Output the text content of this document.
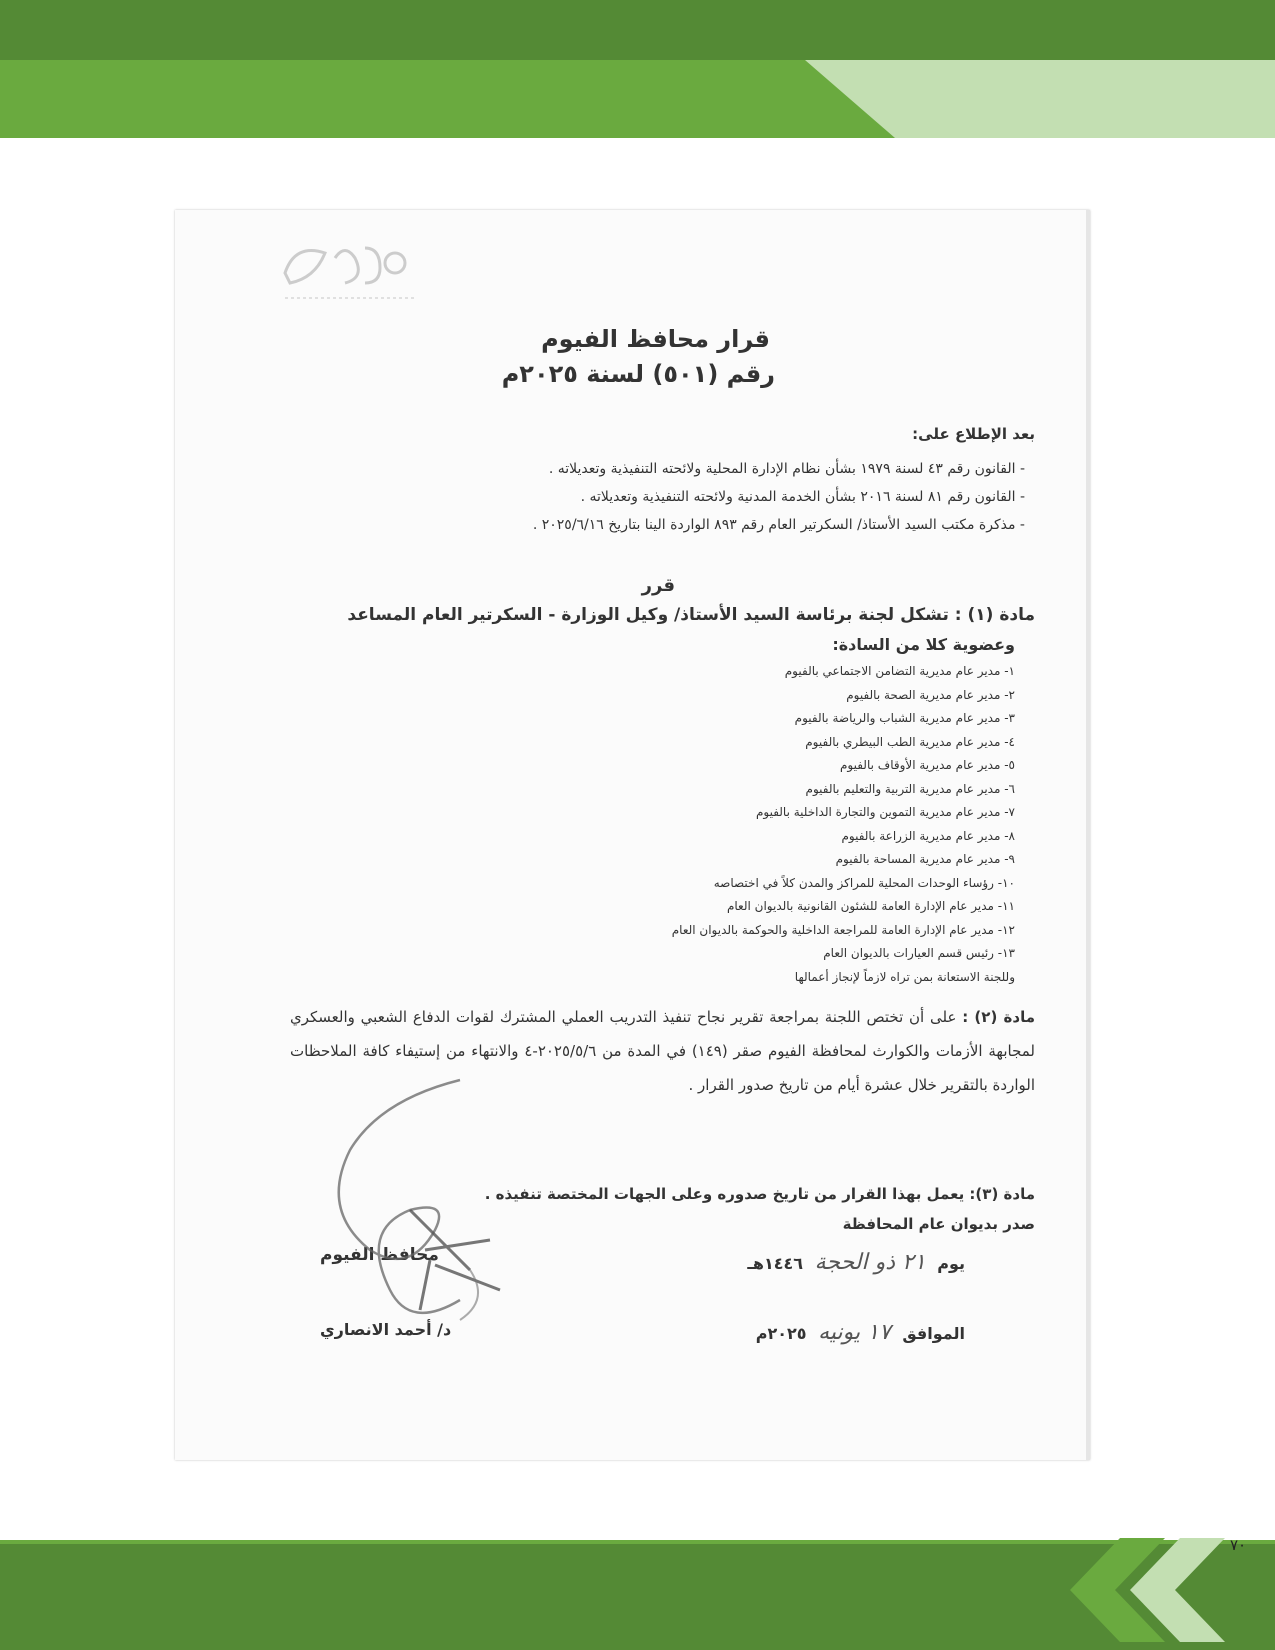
قرار محافظ الفيوم
رقم (٥٠١) لسنة ٢٠٢٥م
بعد الإطلاع على:
- القانون رقم ٤٣ لسنة ١٩٧٩ بشأن نظام الإدارة المحلية ولائحته التنفيذية وتعديلاته .
- القانون رقم ٨١ لسنة ٢٠١٦ بشأن الخدمة المدنية ولائحته التنفيذية وتعديلاته .
- مذكرة مكتب السيد الأستاذ/ السكرتير العام رقم ٨٩٣ الواردة الينا بتاريخ ٢٠٢٥/٦/١٦ .
قرر
مادة (١) : تشكل لجنة برئاسة السيد الأستاذ/ وكيل الوزارة - السكرتير العام المساعد
وعضوية كلا من السادة:
١- مدير عام مديرية التضامن الاجتماعي بالفيوم
٢- مدير عام مديرية الصحة بالفيوم
٣- مدير عام مديرية الشباب والرياضة بالفيوم
٤- مدير عام مديرية الطب البيطري بالفيوم
٥- مدير عام مديرية الأوقاف بالفيوم
٦- مدير عام مديرية التربية والتعليم بالفيوم
٧- مدير عام مديرية التموين والتجارة الداخلية بالفيوم
٨- مدير عام مديرية الزراعة بالفيوم
٩- مدير عام مديرية المساحة بالفيوم
١٠- رؤساء الوحدات المحلية للمراكز والمدن كلاً في اختصاصه
١١- مدير عام الإدارة العامة للشئون القانونية بالديوان العام
١٢- مدير عام الإدارة العامة للمراجعة الداخلية والحوكمة بالديوان العام
١٣- رئيس قسم العيارات بالديوان العام
وللجنة الاستعانة بمن تراه لازماً لإنجاز أعمالها
مادة (٢) : على أن تختص اللجنة بمراجعة تقرير نجاح تنفيذ التدريب العملي المشترك لقوات الدفاع الشعبي والعسكري لمجابهة الأزمات والكوارث لمحافظة الفيوم صقر (١٤٩) في المدة من ٢٠٢٥/٥/٦-٤ والانتهاء من إستيفاء كافة الملاحظات الواردة بالتقرير خلال عشرة أيام من تاريخ صدور القرار .
مادة (٣): يعمل بهذا القرار من تاريخ صدوره وعلى الجهات المختصة تنفيذه .
صدر بديوان عام المحافظة
يوم ٢١ ذو الحجة ١٤٤٦هـ
الموافق ١٧ يونيه ٢٠٢٥م
محافظ الفيوم
د/ أحمد الانصاري
٧٠
